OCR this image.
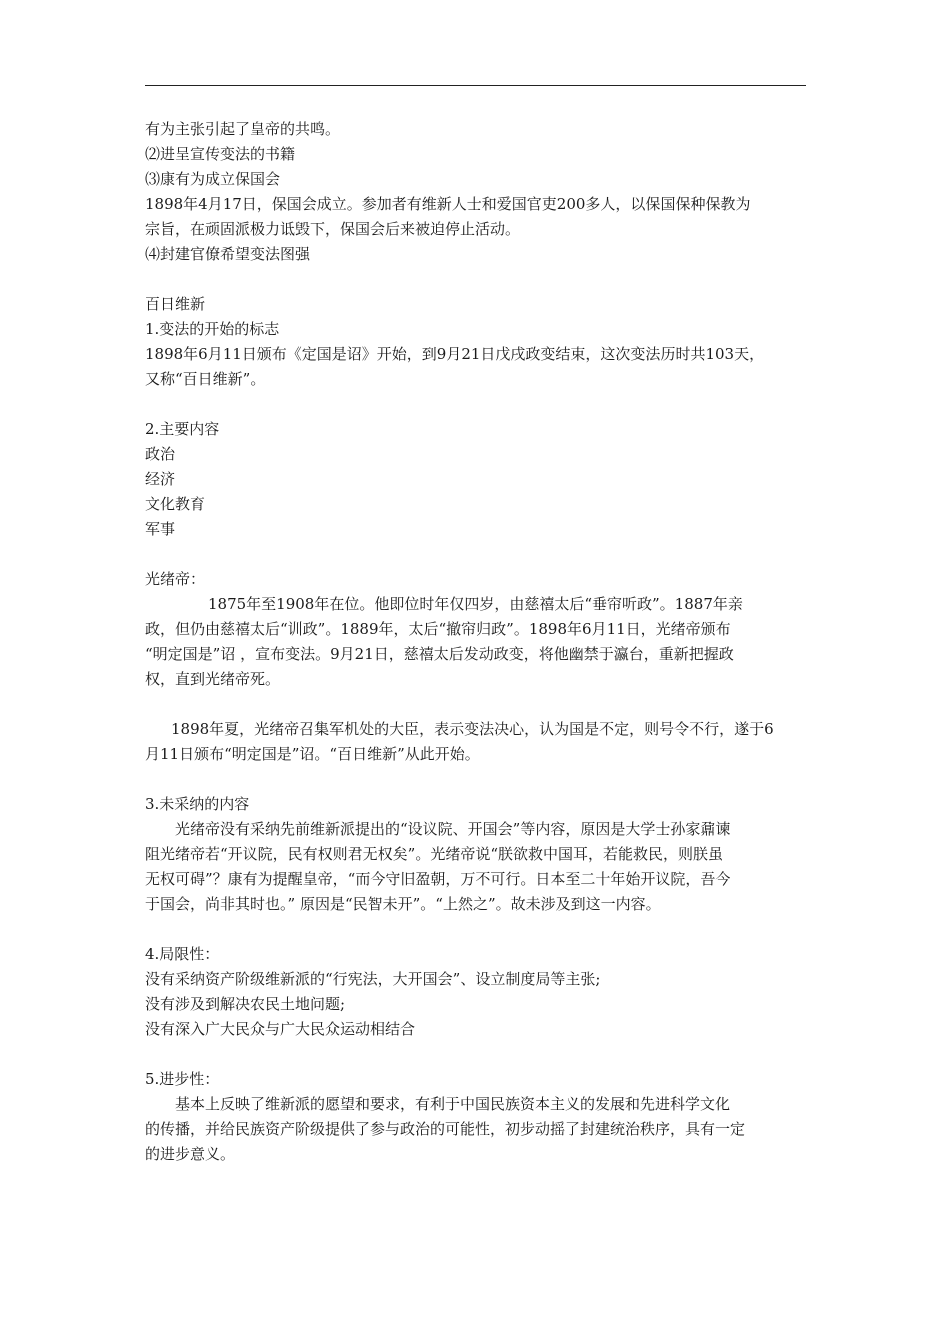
有为主张引起了皇帝的共鸣。
⑵进呈宣传变法的书籍
⑶康有为成立保国会
1898年4月17日，保国会成立。参加者有维新人士和爱国官吏200多人，以保国保种保教为
宗旨，在顽固派极力诋毁下，保国会后来被迫停止活动。
⑷封建官僚希望变法图强
百日维新
1.变法的开始的标志
1898年6月11日颁布《定国是诏》开始，到9月21日戊戌政变结束，这次变法历时共103天，
又称“百日维新”。
2.主要内容
政治
经济
文化教育
军事
光绪帝：
1875年至1908年在位。他即位时年仅四岁，由慈禧太后“垂帘听政”。1887年亲
政，但仍由慈禧太后“训政”。1889年，太后“撤帘归政”。1898年6月11日，光绪帝颁布
“明定国是”诏 ，宣布变法。9月21日，慈禧太后发动政变，将他幽禁于瀛台，重新把握政
权，直到光绪帝死。
1898年夏，光绪帝召集军机处的大臣，表示变法决心，认为国是不定，则号令不行，遂于6
月11日颁布“明定国是”诏。“百日维新”从此开始。
3.未采纳的内容
光绪帝没有采纳先前维新派提出的“设议院、开国会”等内容，原因是大学士孙家鼐谏
阻光绪帝若“开议院，民有权则君无权矣”。光绪帝说“朕欲救中国耳，若能救民，则朕虽
无权可碍”？康有为提醒皇帝，“而今守旧盈朝，万不可行。日本至二十年始开议院，吾今
于国会，尚非其时也。” 原因是“民智未开”。“上然之”。故未涉及到这一内容。
4.局限性：
没有采纳资产阶级维新派的“行宪法，大开国会”、设立制度局等主张;
没有涉及到解决农民土地问题;
没有深入广大民众与广大民众运动相结合
5.进步性：
基本上反映了维新派的愿望和要求，有利于中国民族资本主义的发展和先进科学文化
的传播，并给民族资产阶级提供了参与政治的可能性，初步动摇了封建统治秩序，具有一定
的进步意义。
